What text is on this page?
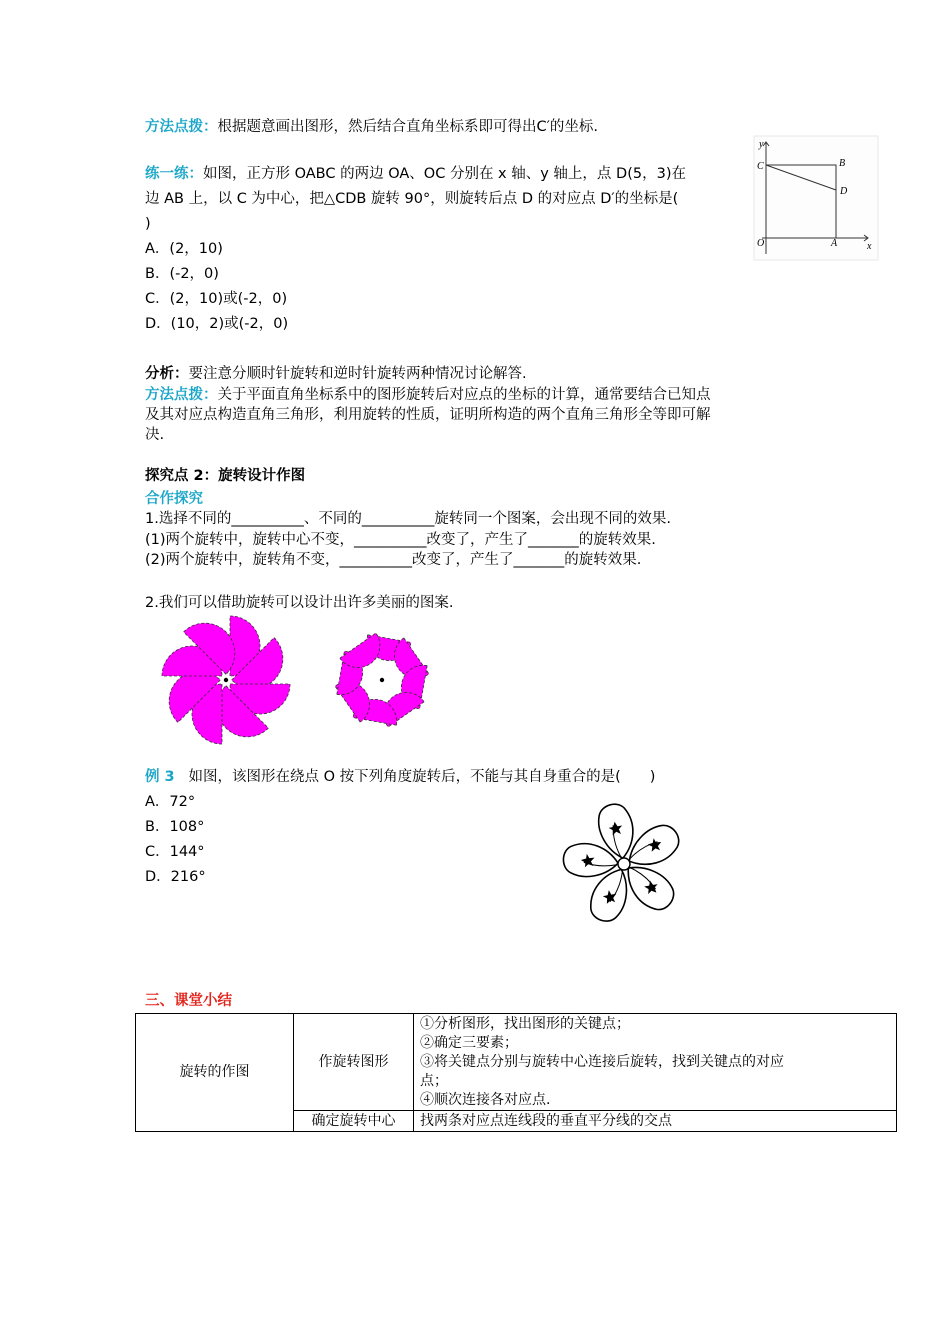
方法点拨：根据题意画出图形，然后结合直角坐标系即可得出C′的坐标.
练一练：如图，正方形 OABC 的两边 OA、OC 分别在 x 轴、y 轴上，点 D(5，3)在
边 AB 上，以 C 为中心，把△CDB 旋转 90°，则旋转后点 D 的对应点 D′的坐标是(
)
A．(2，10)
B．(-2，0)
C．(2，10)或(-2，0)
D．(10，2)或(-2，0)
y
x
C	B
D
O	A
分析：要注意分顺时针旋转和逆时针旋转两种情况讨论解答.
方法点拨：关于平面直角坐标系中的图形旋转后对应点的坐标的计算，通常要结合已知点
及其对应点构造直角三角形，利用旋转的性质，证明所构造的两个直角三角形全等即可解
决.
探究点 2：旋转设计作图
合作探究
1.选择不同的__________、不同的__________旋转同一个图案，会出现不同的效果.
(1)两个旋转中，旋转中心不变，__________改变了，产生了_______的旋转效果.
(2)两个旋转中，旋转角不变，__________改变了，产生了_______的旋转效果.
2.我们可以借助旋转可以设计出许多美丽的图案.
例 3 如图，该图形在绕点 O 按下列角度旋转后，不能与其自身重合的是(　　)
A．72°
B．108°
C．144°
D．216°
三、课堂小结
旋转的作图	作旋转图形	①分析图形，找出图形的关键点；
②确定三要素；
③将关键点分别与旋转中心连接后旋转，找到关键点的对应
点；
④顺次连接各对应点.

	确定旋转中心	找两条对应点连线段的垂直平分线的交点
